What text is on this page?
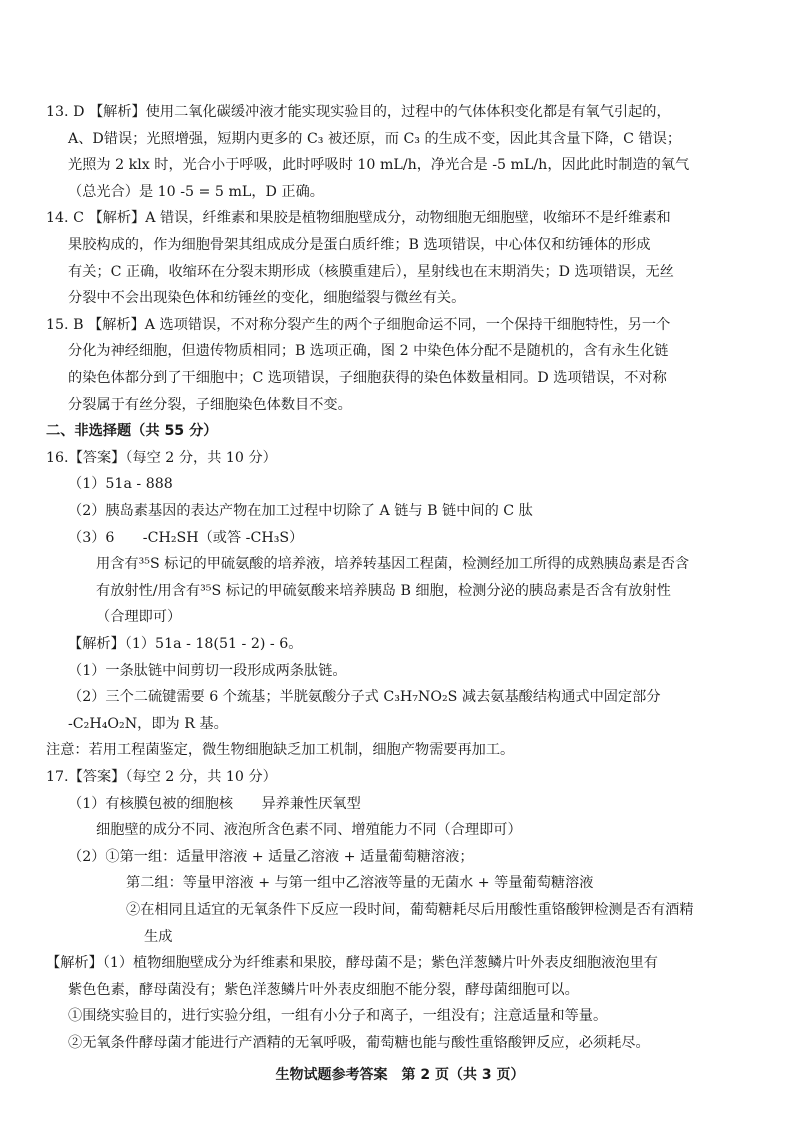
13. D 【解析】使用二氧化碳缓冲液才能实现实验目的，过程中的气体体积变化都是有氧气引起的，
A、D错误；光照增强，短期内更多的 C₃ 被还原，而 C₃ 的生成不变，因此其含量下降，C 错误；
光照为 2 klx 时，光合小于呼吸，此时呼吸时 10 mL/h，净光合是 -5 mL/h，因此此时制造的氧气
（总光合）是 10 -5 = 5 mL，D 正确。
14. C 【解析】A 错误，纤维素和果胶是植物细胞壁成分，动物细胞无细胞壁，收缩环不是纤维素和
果胶构成的，作为细胞骨架其组成成分是蛋白质纤维；B 选项错误，中心体仅和纺锤体的形成
有关；C 正确，收缩环在分裂末期形成（核膜重建后），星射线也在末期消失；D 选项错误，无丝
分裂中不会出现染色体和纺锤丝的变化，细胞缢裂与微丝有关。
15. B 【解析】A 选项错误，不对称分裂产生的两个子细胞命运不同，一个保持干细胞特性，另一个
分化为神经细胞，但遗传物质相同；B 选项正确，图 2 中染色体分配不是随机的，含有永生化链
的染色体都分到了干细胞中；C 选项错误，子细胞获得的染色体数量相同。D 选项错误，不对称
分裂属于有丝分裂，子细胞染色体数目不变。
二、非选择题（共 55 分）
16.【答案】（每空 2 分，共 10 分）
（1）51a - 888
（2）胰岛素基因的表达产物在加工过程中切除了 A 链与 B 链中间的 C 肽
（3）6　　-CH₂SH（或答 -CH₃S）
用含有³⁵S 标记的甲硫氨酸的培养液，培养转基因工程菌，检测经加工所得的成熟胰岛素是否含
有放射性/用含有³⁵S 标记的甲硫氨酸来培养胰岛 B 细胞，检测分泌的胰岛素是否含有放射性
（合理即可）
【解析】（1）51a - 18(51 - 2) - 6。
（1）一条肽链中间剪切一段形成两条肽链。
（2）三个二硫键需要 6 个巯基；半胱氨酸分子式 C₃H₇NO₂S 减去氨基酸结构通式中固定部分
-C₂H₄O₂N，即为 R 基。
注意：若用工程菌鉴定，微生物细胞缺乏加工机制，细胞产物需要再加工。
17.【答案】（每空 2 分，共 10 分）
（1）有核膜包被的细胞核　　异养兼性厌氧型
细胞壁的成分不同、液泡所含色素不同、增殖能力不同（合理即可）
（2）①第一组：适量甲溶液 + 适量乙溶液 + 适量葡萄糖溶液；
第二组：等量甲溶液 + 与第一组中乙溶液等量的无菌水 + 等量葡萄糖溶液
②在相同且适宜的无氧条件下反应一段时间，葡萄糖耗尽后用酸性重铬酸钾检测是否有酒精
生成
【解析】（1）植物细胞壁成分为纤维素和果胶，酵母菌不是；紫色洋葱鳞片叶外表皮细胞液泡里有
紫色色素，酵母菌没有；紫色洋葱鳞片叶外表皮细胞不能分裂，酵母菌细胞可以。
①围绕实验目的，进行实验分组，一组有小分子和离子，一组没有；注意适量和等量。
②无氧条件酵母菌才能进行产酒精的无氧呼吸，葡萄糖也能与酸性重铬酸钾反应，必须耗尽。
生物试题参考答案　第 2 页（共 3 页）
